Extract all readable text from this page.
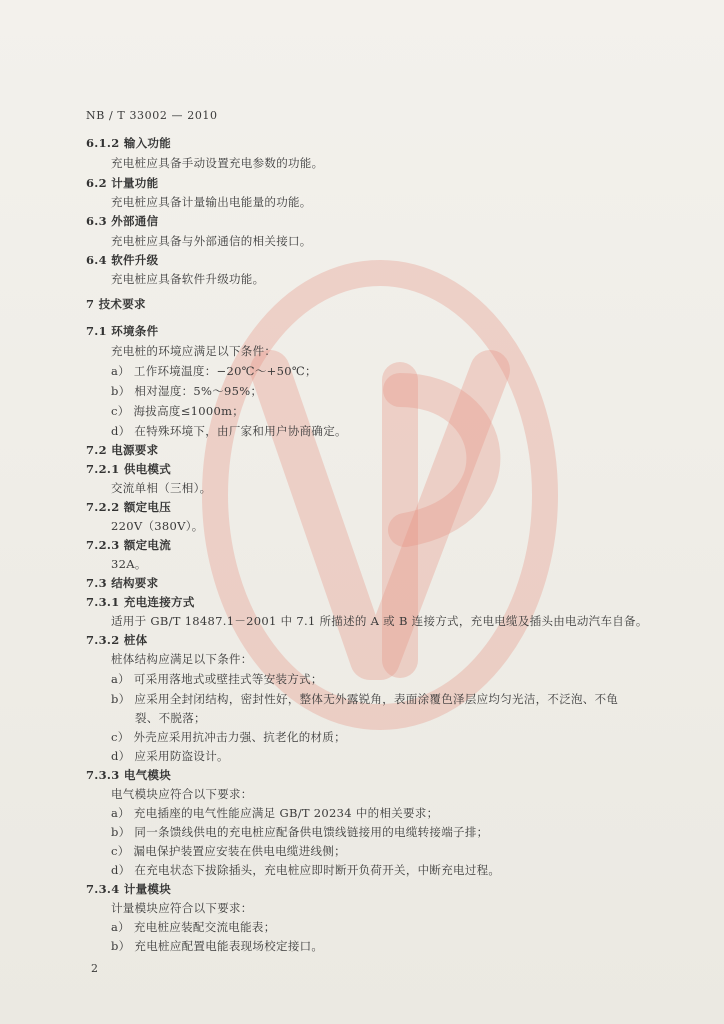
NB / T 33002 — 2010
6.1.2 输入功能
充电桩应具备手动设置充电参数的功能。
6.2 计量功能
充电桩应具备计量输出电能量的功能。
6.3 外部通信
充电桩应具备与外部通信的相关接口。
6.4 软件升级
充电桩应具备软件升级功能。
7 技术要求
7.1 环境条件
充电桩的环境应满足以下条件：
a） 工作环境温度：−20℃～+50℃；
b） 相对湿度：5%～95%；
c） 海拔高度≤1000m；
d） 在特殊环境下，由厂家和用户协商确定。
7.2 电源要求
7.2.1 供电模式
交流单相（三相）。
7.2.2 额定电压
220V（380V）。
7.2.3 额定电流
32A。
7.3 结构要求
7.3.1 充电连接方式
适用于 GB/T 18487.1－2001 中 7.1 所描述的 A 或 B 连接方式，充电电缆及插头由电动汽车自备。
7.3.2 桩体
桩体结构应满足以下条件：
a） 可采用落地式或壁挂式等安装方式；
b） 应采用全封闭结构，密封性好，整体无外露锐角，表面涂覆色泽层应均匀光洁，不泛泡、不龟
裂、不脱落；
c） 外壳应采用抗冲击力强、抗老化的材质；
d） 应采用防盗设计。
7.3.3 电气模块
电气模块应符合以下要求：
a） 充电插座的电气性能应满足 GB/T 20234 中的相关要求；
b） 同一条馈线供电的充电桩应配备供电馈线链接用的电缆转接端子排；
c） 漏电保护装置应安装在供电电缆进线侧；
d） 在充电状态下拔除插头，充电桩应即时断开负荷开关，中断充电过程。
7.3.4 计量模块
计量模块应符合以下要求：
a） 充电桩应装配交流电能表；
b） 充电桩应配置电能表现场校定接口。
2
